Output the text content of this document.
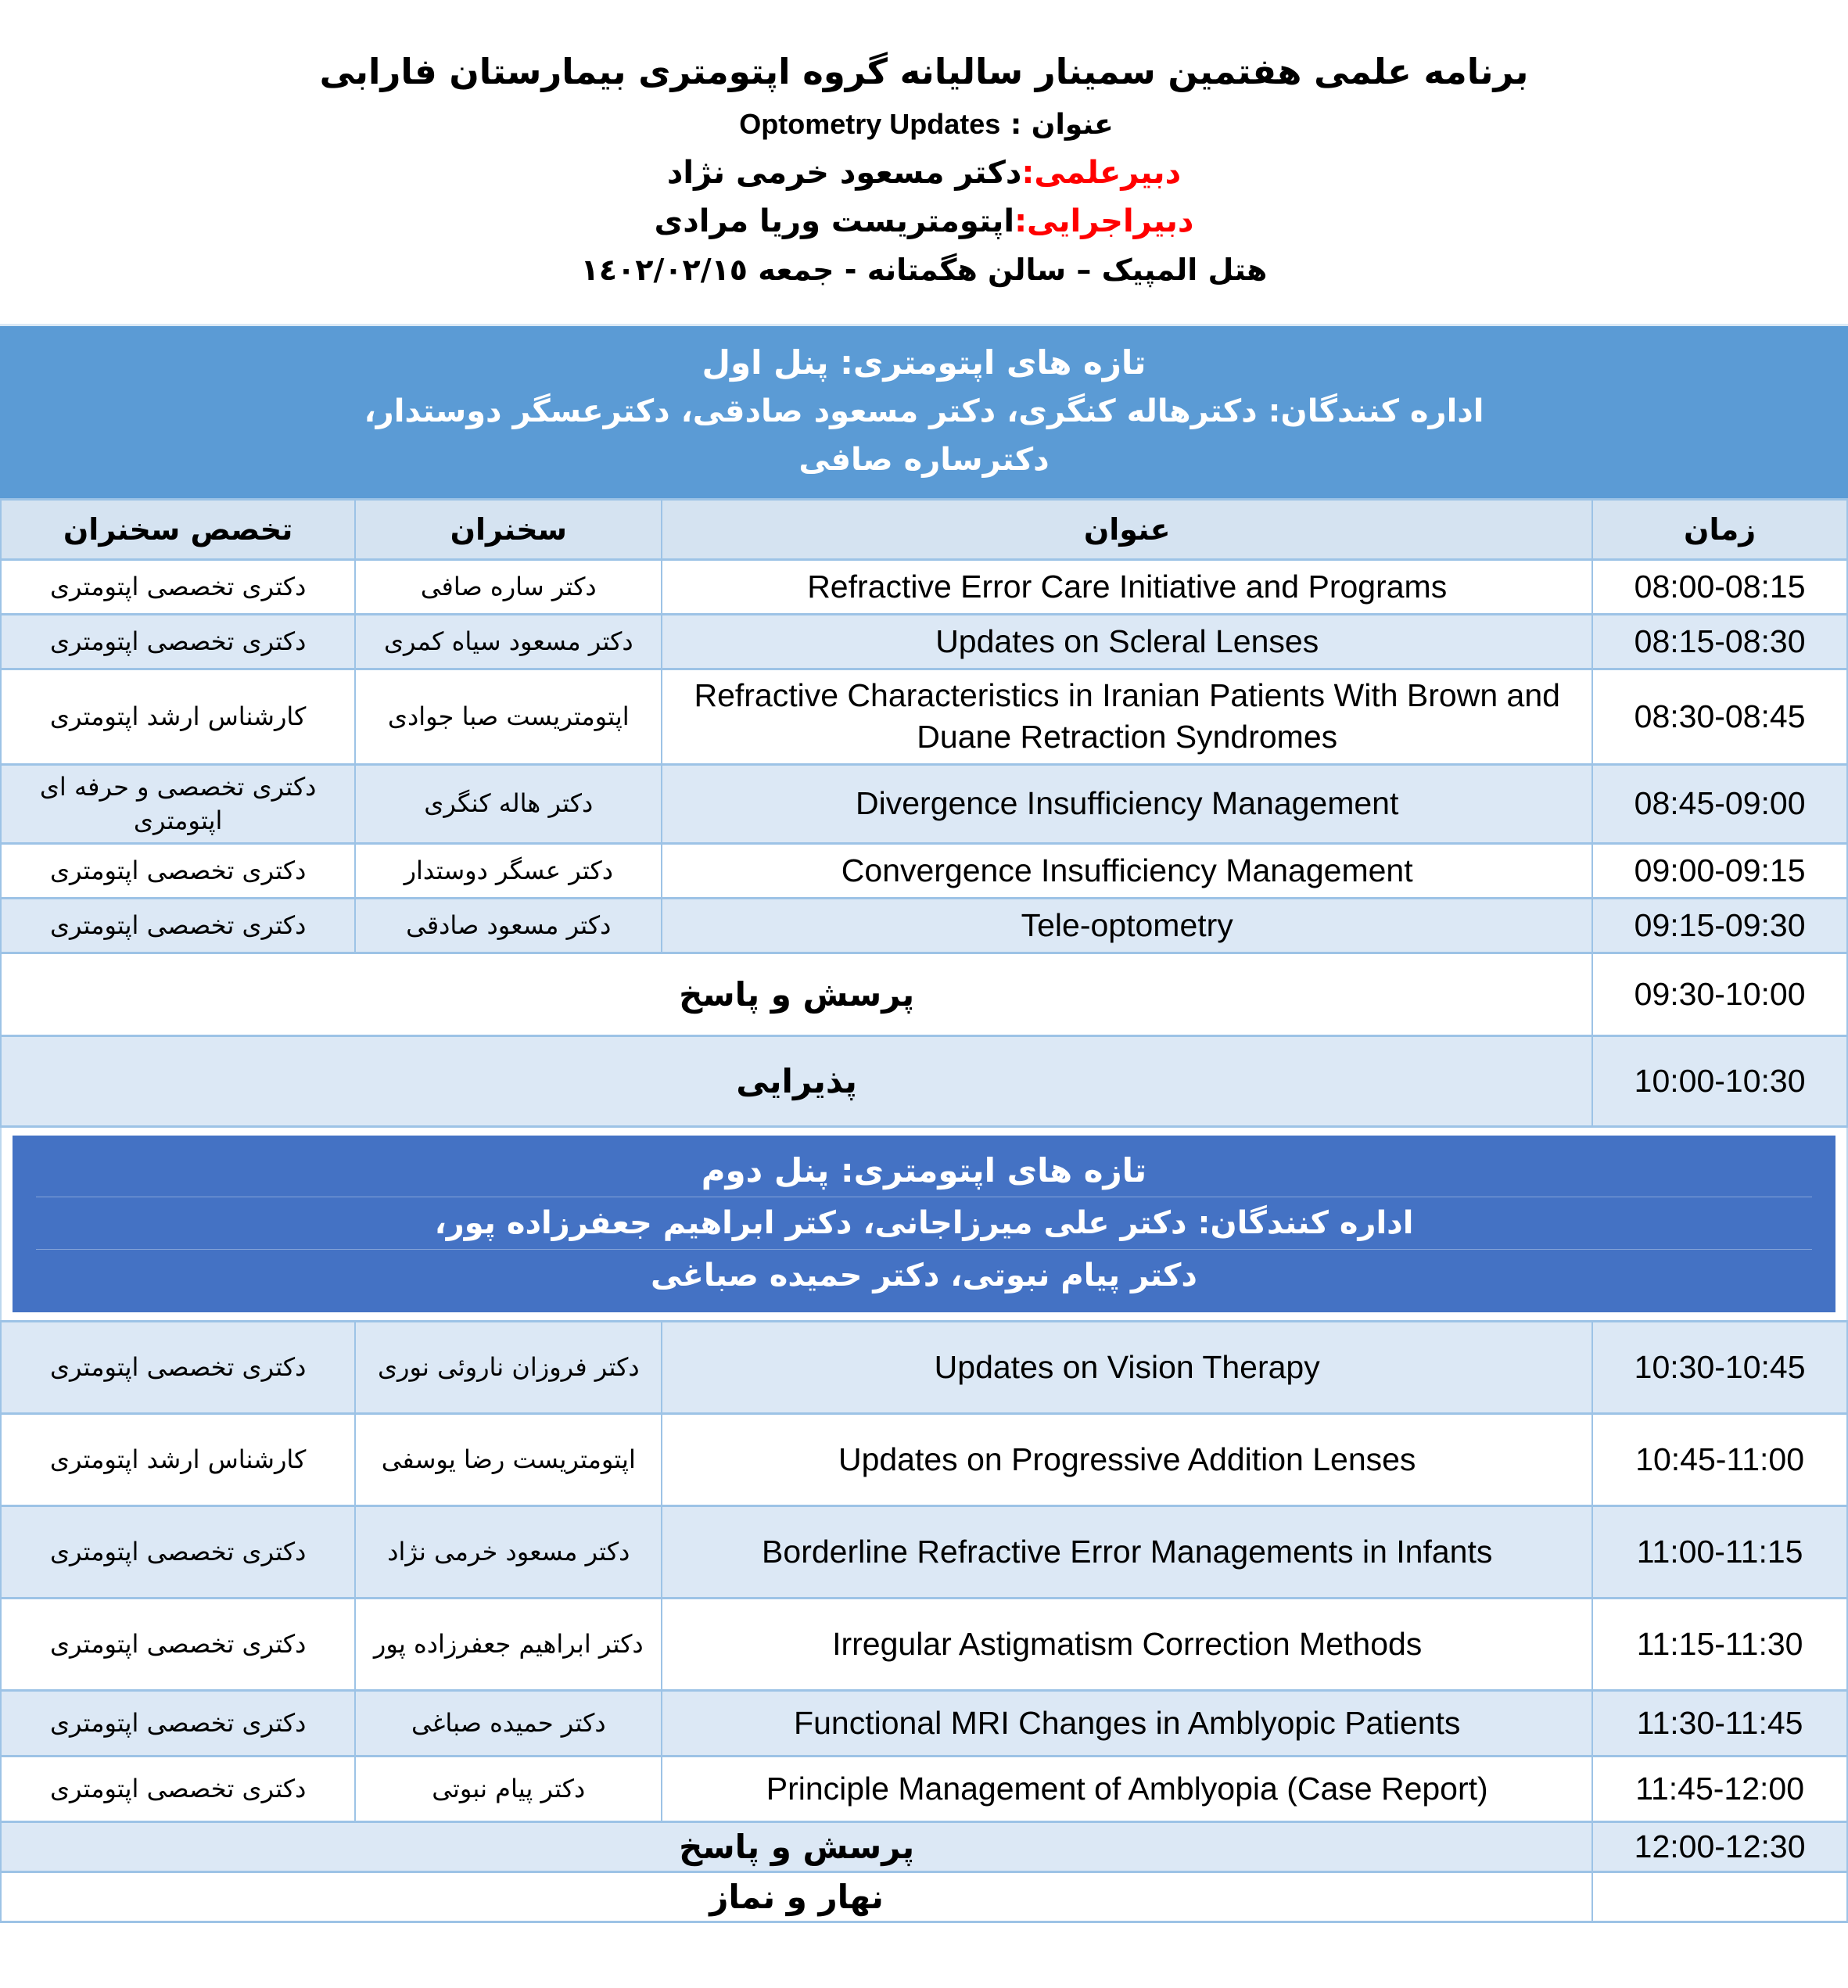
برنامه علمی هفتمین سمینار سالیانه گروه اپتومتری بیمارستان فارابی
عنوان : Optometry Updates
دبیرعلمی:دکتر مسعود خرمی نژاد
دبیراجرایی:اپتومتریست وریا مرادی
هتل المپیک – سالن هگمتانه - جمعه ١٤٠٢/٠٢/١٥
تازه های اپتومتری: پنل اول
اداره کنندگان: دکترهاله کنگری، دکتر مسعود صادقی، دکترعسگر دوستدار،
دکترساره صافی
زمان	عنوان	سخنران	تخصص سخنران
08:00-08:15	Refractive Error Care Initiative and Programs	دکتر ساره صافی	دکتری تخصصی اپتومتری
08:15-08:30	Updates on Scleral Lenses	دکتر مسعود سیاه کمری	دکتری تخصصی اپتومتری
08:30-08:45	Refractive Characteristics in Iranian Patients With Brown and Duane Retraction Syndromes	اپتومتریست صبا جوادی	کارشناس ارشد اپتومتری
08:45-09:00	Divergence Insufficiency Management	دکتر هاله کنگری	دکتری تخصصی و حرفه ای اپتومتری
09:00-09:15	Convergence Insufficiency Management	دکتر عسگر دوستدار	دکتری تخصصی اپتومتری
09:15-09:30	Tele-optometry	دکتر مسعود صادقی	دکتری تخصصی اپتومتری
09:30-10:00	پرسش و پاسخ		
10:00-10:30	پذیرایی		
تازه های اپتومتری: پنل دوم
اداره کنندگان: دکتر علی میرزاجانی، دکتر ابراهیم جعفرزاده پور،
دکتر پیام نبوتی، دکتر حمیده صباغی
10:30-10:45	Updates on Vision Therapy	دکتر فروزان ناروئی نوری	دکتری تخصصی اپتومتری
10:45-11:00	Updates on Progressive Addition Lenses	اپتومتریست رضا یوسفی	کارشناس ارشد اپتومتری
11:00-11:15	Borderline Refractive Error Managements in Infants	دکتر مسعود خرمی نژاد	دکتری تخصصی اپتومتری
11:15-11:30	Irregular Astigmatism Correction Methods	دکتر ابراهیم جعفرزاده پور	دکتری تخصصی اپتومتری
11:30-11:45	Functional MRI Changes in Amblyopic Patients	دکتر حمیده صباغی	دکتری تخصصی اپتومتری
11:45-12:00	Principle Management of Amblyopia (Case Report)	دکتر پیام نبوتی	دکتری تخصصی اپتومتری
12:00-12:30	پرسش و پاسخ		
	نهار و نماز		
